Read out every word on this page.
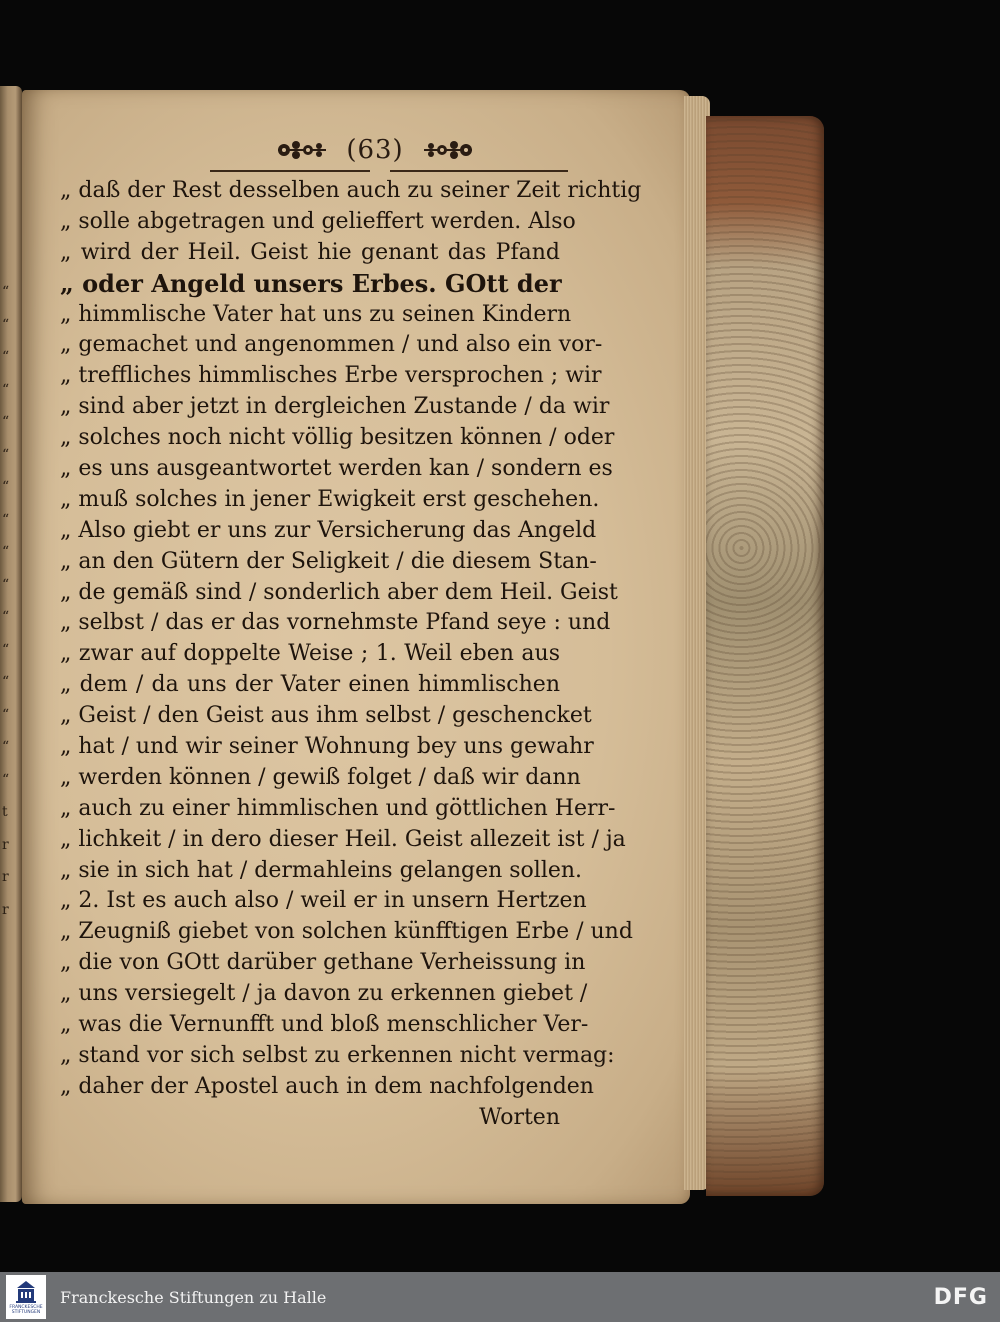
“
“
“
“
“
“
“
“
“
“
“
“
“
“
“
“
t
r
r
r
(63)
„ daß der Rest desselben auch zu seiner Zeit richtig
„ solle abgetragen und gelieffert werden. Also
„ wird der Heil. Geist hie genant das Pfand
„ oder Angeld unsers Erbes. GOtt der
„ himmlische Vater hat uns zu seinen Kindern
„ gemachet und angenommen / und also ein vor-
„ treffliches himmlisches Erbe versprochen ; wir
„ sind aber jetzt in dergleichen Zustande / da wir
„ solches noch nicht völlig besitzen können / oder
„ es uns ausgeantwortet werden kan / sondern es
„ muß solches in jener Ewigkeit erst geschehen.
„ Also giebt er uns zur Versicherung das Angeld
„ an den Gütern der Seligkeit / die diesem Stan-
„ de gemäß sind / sonderlich aber dem Heil. Geist
„ selbst / das er das vornehmste Pfand seye : und
„ zwar auf doppelte Weise ; 1. Weil eben aus
„ dem / da uns der Vater einen himmlischen
„ Geist / den Geist aus ihm selbst / geschencket
„ hat / und wir seiner Wohnung bey uns gewahr
„ werden können / gewiß folget / daß wir dann
„ auch zu einer himmlischen und göttlichen Herr-
„ lichkeit / in dero dieser Heil. Geist allezeit ist / ja
„ sie in sich hat / dermahleins gelangen sollen.
„ 2. Ist es auch also / weil er in unsern Hertzen
„ Zeugniß giebet von solchen künfftigen Erbe / und
„ die von GOtt darüber gethane Verheissung in
„ uns versiegelt / ja davon zu erkennen giebet /
„ was die Vernunfft und bloß menschlicher Ver-
„ stand vor sich selbst zu erkennen nicht vermag:
„ daher der Apostel auch in dem nachfolgenden
Worten
FRANCKESCHE
STIFTUNGEN
Franckesche Stiftungen zu Halle	DFG
